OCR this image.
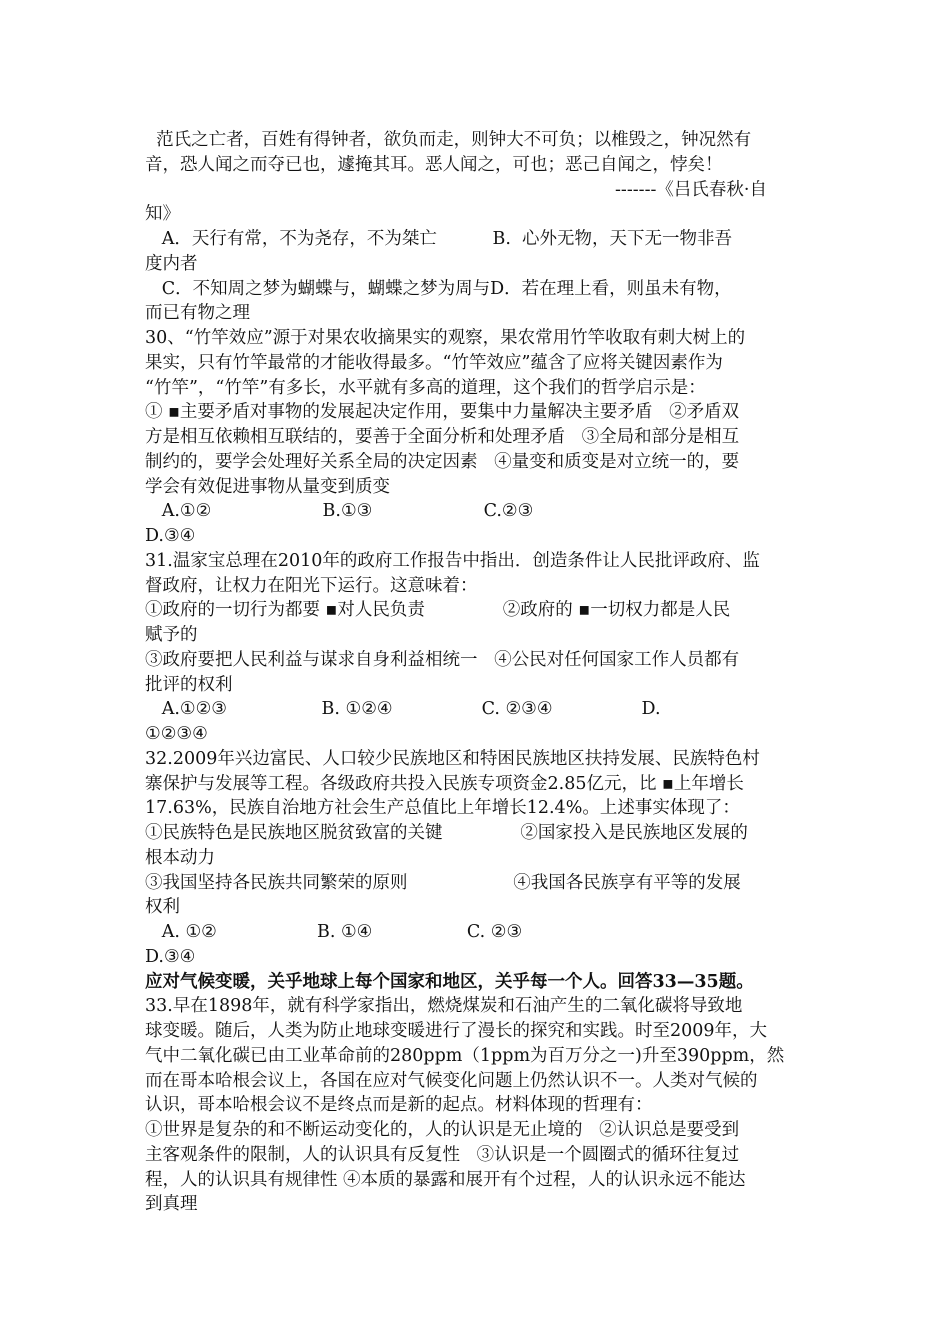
范氏之亡者，百姓有得钟者，欲负而走，则钟大不可负；以椎毁之，钟况然有
音，恐人闻之而夺已也，遽掩其耳。恶人闻之，可也；恶己自闻之，悖矣！
-------《吕氏春秋·自
知》
A．天行有常，不为尧存，不为桀亡          B.  心外无物，天下无一物非吾
度内者
C．不知周之梦为蝴蝶与，蝴蝶之梦为周与D．若在理上看，则虽未有物，
而已有物之理
30、“竹竿效应”源于对果农收摘果实的观察，果农常用竹竿收取有刺大树上的
果实，只有竹竿最常的才能收得最多。“竹竿效应”蕴含了应将关键因素作为
“竹竿”，“竹竿”有多长，水平就有多高的道理，这个我们的哲学启示是：
① ▪主要矛盾对事物的发展起决定作用，要集中力量解决主要矛盾   ②矛盾双
方是相互依赖相互联结的，要善于全面分析和处理矛盾   ③全局和部分是相互
制约的，要学会处理好关系全局的决定因素   ④量变和质变是对立统一的，要
学会有效促进事物从量变到质变
A.①②                    B.①③                    C.②③
D.③④
31.温家宝总理在2010年的政府工作报告中指出．创造条件让人民批评政府、监
督政府，让权力在阳光下运行。这意味着：
①政府的一切行为都要 ▪对人民负责              ②政府的 ▪一切权力都是人民
赋予的
③政府要把人民利益与谋求自身利益相统一   ④公民对任何国家工作人员都有
批评的权利
A.①②③                 B. ①②④                C. ②③④                D.
①②③④
32.2009年兴边富民、人口较少民族地区和特困民族地区扶持发展、民族特色村
寨保护与发展等工程。各级政府共投入民族专项资金2.85亿元，比 ▪上年增长
17.63%，民族自治地方社会生产总值比上年增长12.4%。上述事实体现了：
①民族特色是民族地区脱贫致富的关键              ②国家投入是民族地区发展的
根本动力
③我国坚持各民族共同繁荣的原则                   ④我国各民族享有平等的发展
权利
A. ①②                  B. ①④                 C. ②③
D.③④
应对气候变暖，关乎地球上每个国家和地区，关乎每一个人。回答33—35题。
33.早在1898年，就有科学家指出，燃烧煤炭和石油产生的二氧化碳将导致地
球变暖。随后，人类为防止地球变暖进行了漫长的探究和实践。时至2009年，大
气中二氧化碳已由工业革命前的280ppm（1ppm为百万分之一)升至390ppm，然
而在哥本哈根会议上，各国在应对气候变化问题上仍然认识不一。人类对气候的
认识，哥本哈根会议不是终点而是新的起点。材料体现的哲理有：
①世界是复杂的和不断运动变化的，人的认识是无止境的   ②认识总是要受到
主客观条件的限制，人的认识具有反复性   ③认识是一个圆圈式的循环往复过
程，人的认识具有规律性 ④本质的暴露和展开有个过程，人的认识永远不能达
到真理
